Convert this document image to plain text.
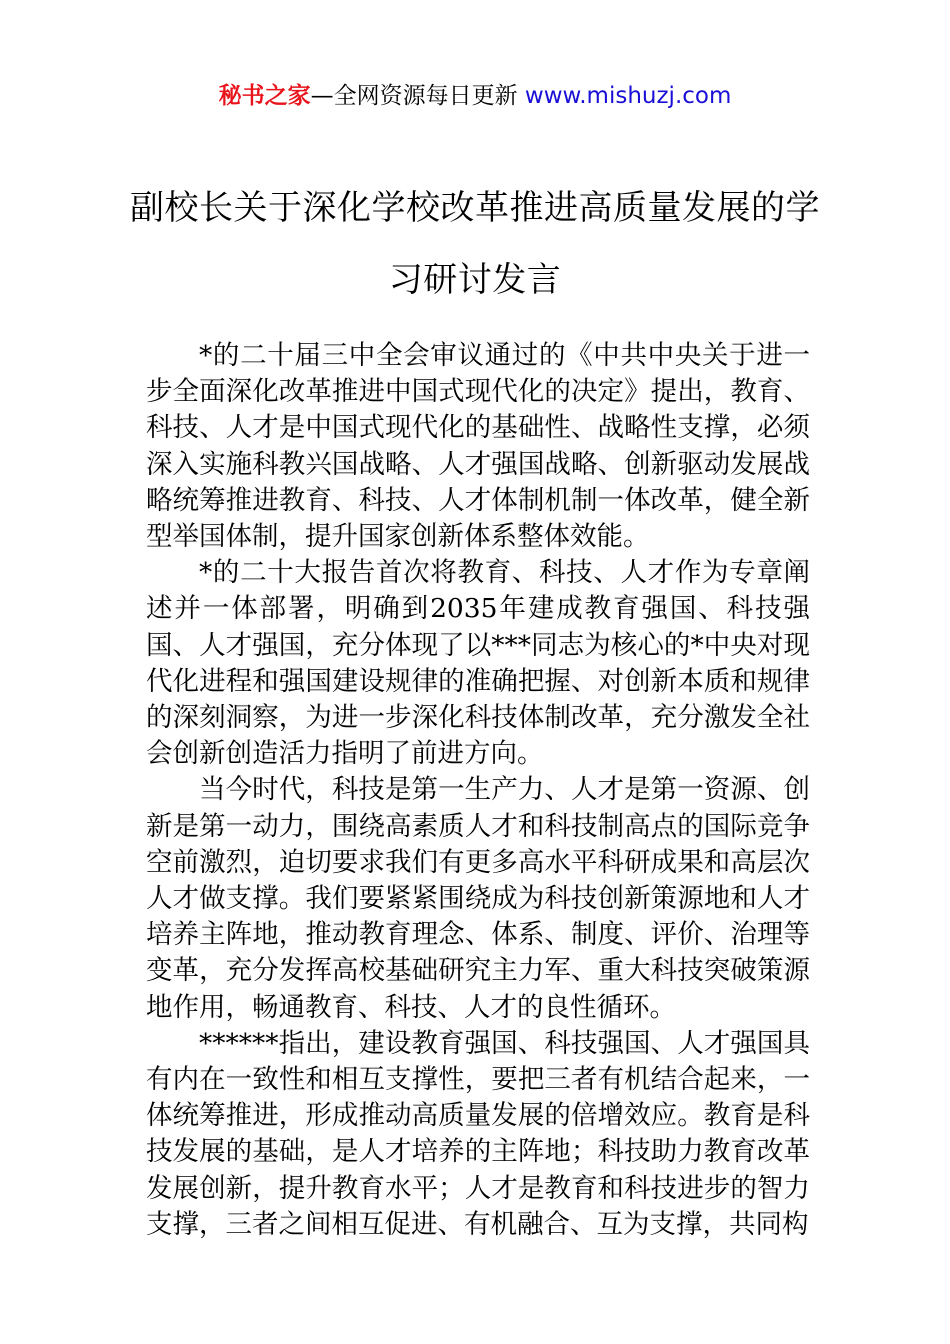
秘书之家—全网资源每日更新 www.mishuzj.com
副校长关于深化学校改革推进高质量发展的学习研讨发言

*的二十届三中全会审议通过的《中共中央关于进一步全面深化改革推进中国式现代化的决定》提出，教育、科技、人才是中国式现代化的基础性、战略性支撑，必须深入实施科教兴国战略、人才强国战略、创新驱动发展战略统筹推进教育、科技、人才体制机制一体改革，健全新型举国体制，提升国家创新体系整体效能。

*的二十大报告首次将教育、科技、人才作为专章阐述并一体部署，明确到2035年建成教育强国、科技强国、人才强国，充分体现了以***同志为核心的*中央对现代化进程和强国建设规律的准确把握、对创新本质和规律的深刻洞察，为进一步深化科技体制改革，充分激发全社会创新创造活力指明了前进方向。

当今时代，科技是第一生产力、人才是第一资源、创新是第一动力，围绕高素质人才和科技制高点的国际竞争空前激烈，迫切要求我们有更多高水平科研成果和高层次人才做支撑。我们要紧紧围绕成为科技创新策源地和人才培养主阵地，推动教育理念、体系、制度、评价、治理等变革，充分发挥高校基础研究主力军、重大科技突破策源地作用，畅通教育、科技、人才的良性循环。

******指出，建设教育强国、科技强国、人才强国具有内在一致性和相互支撑性，要把三者有机结合起来，一体统筹推进，形成推动高质量发展的倍增效应。教育是科技发展的基础，是人才培养的主阵地；科技助力教育改革发展创新，提升教育水平；人才是教育和科技进步的智力支撑，三者之间相互促进、有机融合、互为支撑，共同构
